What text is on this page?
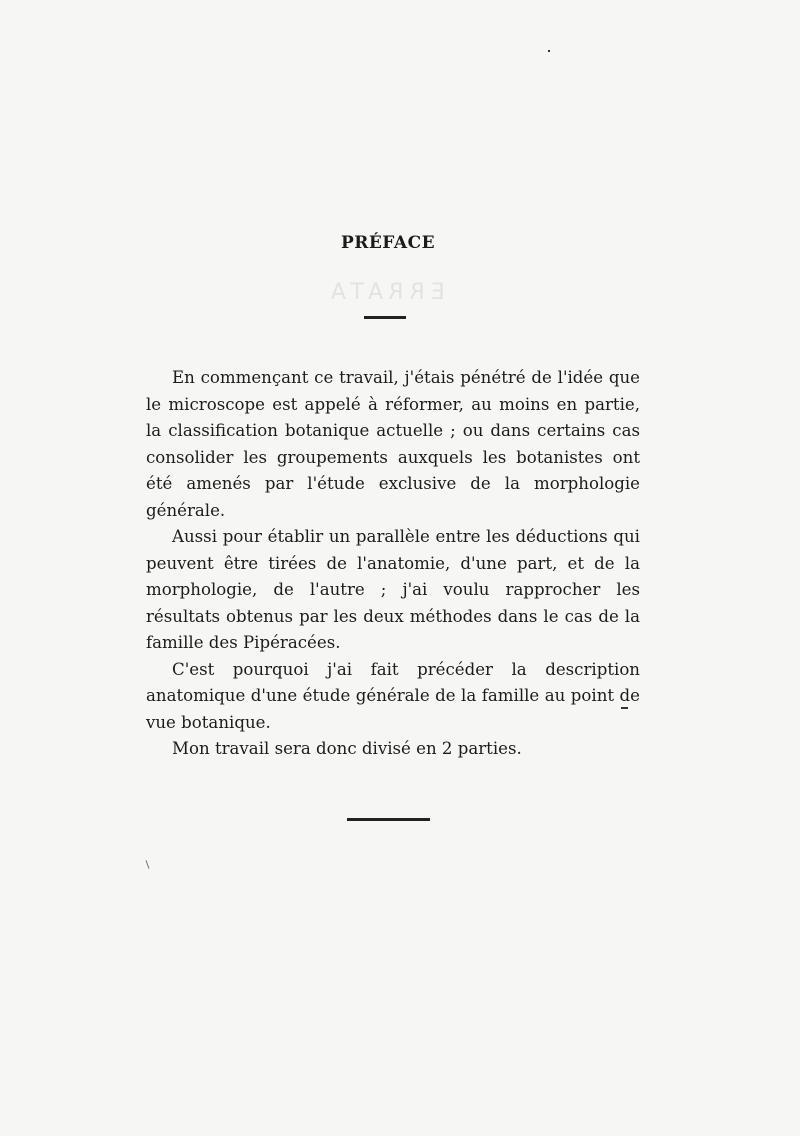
ERRATA
PRÉFACE

En commençant ce travail, j'étais pénétré de l'idée que le microscope est appelé à réformer, au moins en partie, la classification botanique actuelle ; ou dans certains cas consolider les groupements auxquels les botanistes ont été amenés par l'étude exclusive de la morphologie générale.

Aussi pour établir un parallèle entre les déductions qui peuvent être tirées de l'anatomie, d'une part, et de la morphologie, de l'autre ; j'ai voulu rapprocher les résultats obtenus par les deux méthodes dans le cas de la famille des Pipéracées.

C'est pourquoi j'ai fait précéder la description anatomique d'une étude générale de la famille au point de vue botanique.

Mon travail sera donc divisé en 2 parties.
